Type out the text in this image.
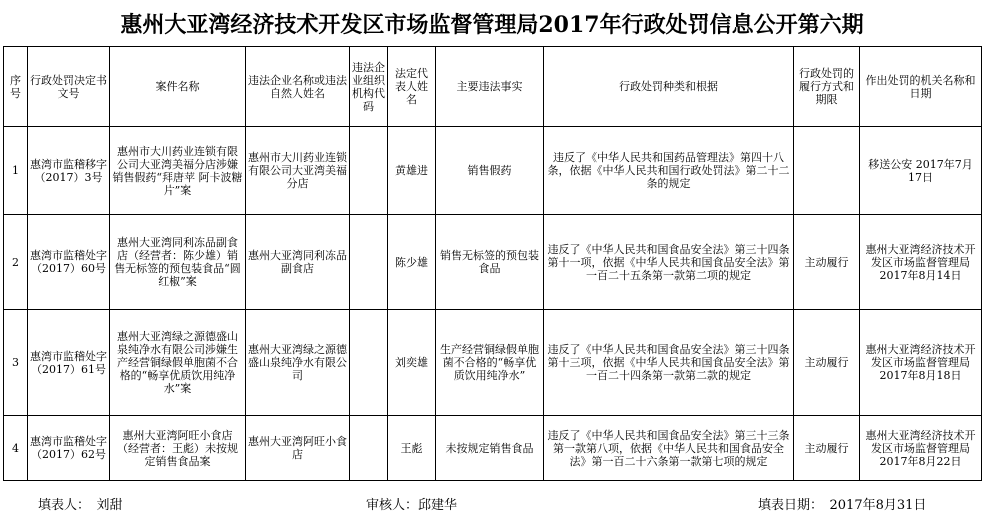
惠州大亚湾经济技术开发区市场监督管理局2017年行政处罚信息公开第六期
序号	行政处罚决定书文号	案件名称	违法企业名称或违法自然人姓名	违法企业组织机构代码	法定代表人姓名	主要违法事实	行政处罚种类和根据	行政处罚的履行方式和期限	作出处罚的机关名称和日期
1	惠湾市监稽移字（2017）3号	惠州市大川药业连锁有限公司大亚湾美福分店涉嫌销售假药“拜唐苹 阿卡波糖片”案	惠州市大川药业连锁有限公司大亚湾美福分店		黄雄进	销售假药	违反了《中华人民共和国药品管理法》第四十八条，依据《中华人民共和国行政处罚法》第二十二条的规定		移送公安 2017年7月17日
2	惠湾市监稽处字（2017）60号	惠州大亚湾同利冻品副食店（经营者：陈少雄）销售无标签的预包装食品“圆红椒”案	惠州大亚湾同利冻品副食店		陈少雄	销售无标签的预包装食品	违反了《中华人民共和国食品安全法》第三十四条第十一项，依据《中华人民共和国食品安全法》第一百二十五条第一款第二项的规定	主动履行	惠州大亚湾经济技术开发区市场监督管理局 2017年8月14日
3	惠湾市监稽处字（2017）61号	惠州大亚湾绿之源德盛山泉纯净水有限公司涉嫌生产经营铜绿假单胞菌不合格的“畅享优质饮用纯净水”案	惠州大亚湾绿之源德盛山泉纯净水有限公司		刘奕雄	生产经营铜绿假单胞菌不合格的“畅享优质饮用纯净水”	违反了《中华人民共和国食品安全法》第三十四条第十三项，依据《中华人民共和国食品安全法》第一百二十四条第一款第二款的规定	主动履行	惠州大亚湾经济技术开发区市场监督管理局 2017年8月18日
4	惠湾市监稽处字（2017）62号	惠州大亚湾阿旺小食店（经营者：王彪）未按规定销售食品案	惠州大亚湾阿旺小食店		王彪	未按规定销售食品	违反了《中华人民共和国食品安全法》第三十三条第一款第八项，依据《中华人民共和国食品安全法》第一百二十六条第一款第七项的规定	主动履行	惠州大亚湾经济技术开发区市场监督管理局 2017年8月22日
填表人：　刘甜	审核人：邱建华	填表日期：　2017年8月31日
